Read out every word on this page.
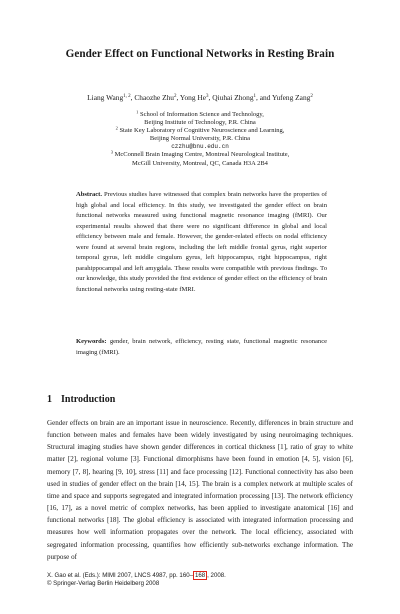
Gender Effect on Functional Networks in Resting Brain
Liang Wang$^{1, 2}$, Chaozhe Zhu$^2$, Yong He$^3$, Qiuhai Zhong$^1$, and Yufeng Zang$^2$
$^1$ School of Information Science and Technology,
Beijing Institute of Technology, P.R. China
$^2$ State Key Laboratory of Cognitive Neuroscience and Learning,
Beijing Normal University, P.R. China
czzhu@bnu.edu.cn
$^3$ McConnell Brain Imaging Centre, Montreal Neurological Institute,
McGill University, Montreal, QC, Canada H3A 2B4
Abstract. Previous studies have witnessed that complex brain networks have the properties of high global and local efficiency. In this study, we investigated the gender effect on brain functional networks measured using functional magnetic resonance imaging (fMRI). Our experimental results showed that there were no significant difference in global and local efficiency between male and female. However, the gender-related effects on nodal efficiency were found at several brain regions, including the left middle frontal gyrus, right superior temporal gyrus, left middle cingulum gyrus, left hippocampus, right hippocampus, right parahippocampal and left amygdala. These results were compatible with previous findings. To our knowledge, this study provided the first evidence of gender effect on the efficiency of brain functional networks using resting-state fMRI.
Keywords: gender, brain network, efficiency, resting state, functional magnetic resonance imaging (fMRI).
1 Introduction
Gender effects on brain are an important issue in neuroscience. Recently, differences in brain structure and function between males and females have been widely investigated by using neuroimaging techniques. Structural imaging studies have shown gender differences in cortical thickness [1], ratio of gray to white matter [2], regional volume [3]. Functional dimorphisms have been found in emotion [4, 5], vision [6], memory [7, 8], hearing [9, 10], stress [11] and face processing [12]. Functional connectivity has also been used in studies of gender effect on the brain [14, 15]. The brain is a complex network at multiple scales of time and space and supports segregated and integrated information processing [13]. The network efficiency [16, 17], as a novel metric of complex networks, has been applied to investigate anatomical [16] and functional networks [18]. The global efficiency is associated with integrated information processing and measures how well information propagates over the network. The local efficiency, associated with segregated information processing, quantifies how efficiently sub-networks exchange information. The purpose of
X. Gao et al. (Eds.): MIMI 2007, LNCS 4987, pp. 160– 168 , 2008.
© Springer-Verlag Berlin Heidelberg 2008
